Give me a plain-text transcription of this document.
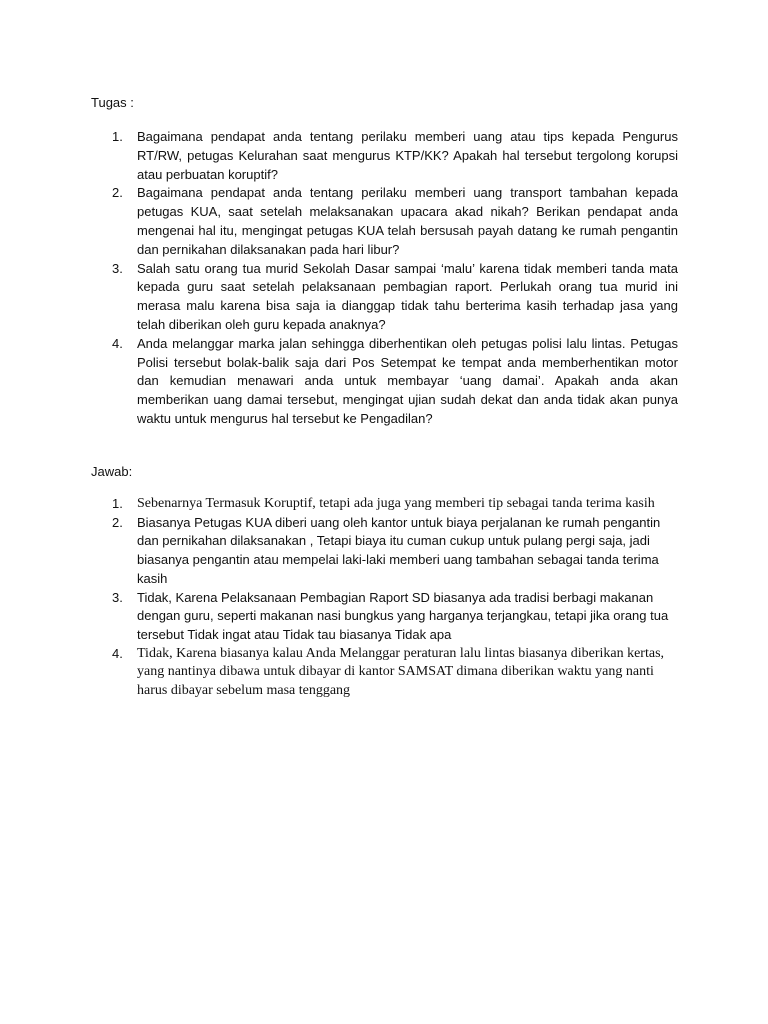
Tugas :
1. Bagaimana pendapat anda tentang perilaku memberi uang atau tips kepada Pengurus RT/RW, petugas Kelurahan saat mengurus KTP/KK? Apakah hal tersebut tergolong korupsi atau perbuatan koruptif?
2. Bagaimana pendapat anda tentang perilaku memberi uang transport tambahan kepada petugas KUA, saat setelah melaksanakan upacara akad nikah? Berikan pendapat anda mengenai hal itu, mengingat petugas KUA telah bersusah payah datang ke rumah pengantin dan pernikahan dilaksanakan pada hari libur?
3. Salah satu orang tua murid Sekolah Dasar sampai ‘malu’ karena tidak memberi tanda mata kepada guru saat setelah pelaksanaan pembagian raport. Perlukah orang tua murid ini merasa malu karena bisa saja ia dianggap tidak tahu berterima kasih terhadap jasa yang telah diberikan oleh guru kepada anaknya?
4. Anda melanggar marka jalan sehingga diberhentikan oleh petugas polisi lalu lintas. Petugas Polisi tersebut bolak-balik saja dari Pos Setempat ke tempat anda memberhentikan motor dan kemudian menawari anda untuk membayar ‘uang damai’. Apakah anda akan memberikan uang damai tersebut, mengingat ujian sudah dekat dan anda tidak akan punya waktu untuk mengurus hal tersebut ke Pengadilan?
Jawab:
1. Sebenarnya Termasuk Koruptif, tetapi ada juga yang memberi tip sebagai tanda terima kasih
2. Biasanya Petugas KUA diberi uang oleh kantor untuk biaya perjalanan ke rumah pengantin dan pernikahan dilaksanakan , Tetapi biaya itu cuman cukup untuk pulang pergi saja, jadi biasanya pengantin atau mempelai laki-laki memberi uang tambahan sebagai tanda terima kasih
3. Tidak, Karena Pelaksanaan Pembagian Raport SD biasanya ada tradisi berbagi makanan dengan guru, seperti makanan nasi bungkus yang harganya terjangkau, tetapi jika orang tua tersebut Tidak ingat atau Tidak tau biasanya Tidak apa
4. Tidak, Karena biasanya kalau Anda Melanggar peraturan lalu lintas biasanya diberikan kertas, yang nantinya dibawa untuk dibayar di kantor SAMSAT dimana diberikan waktu yang nanti harus dibayar sebelum masa tenggang
